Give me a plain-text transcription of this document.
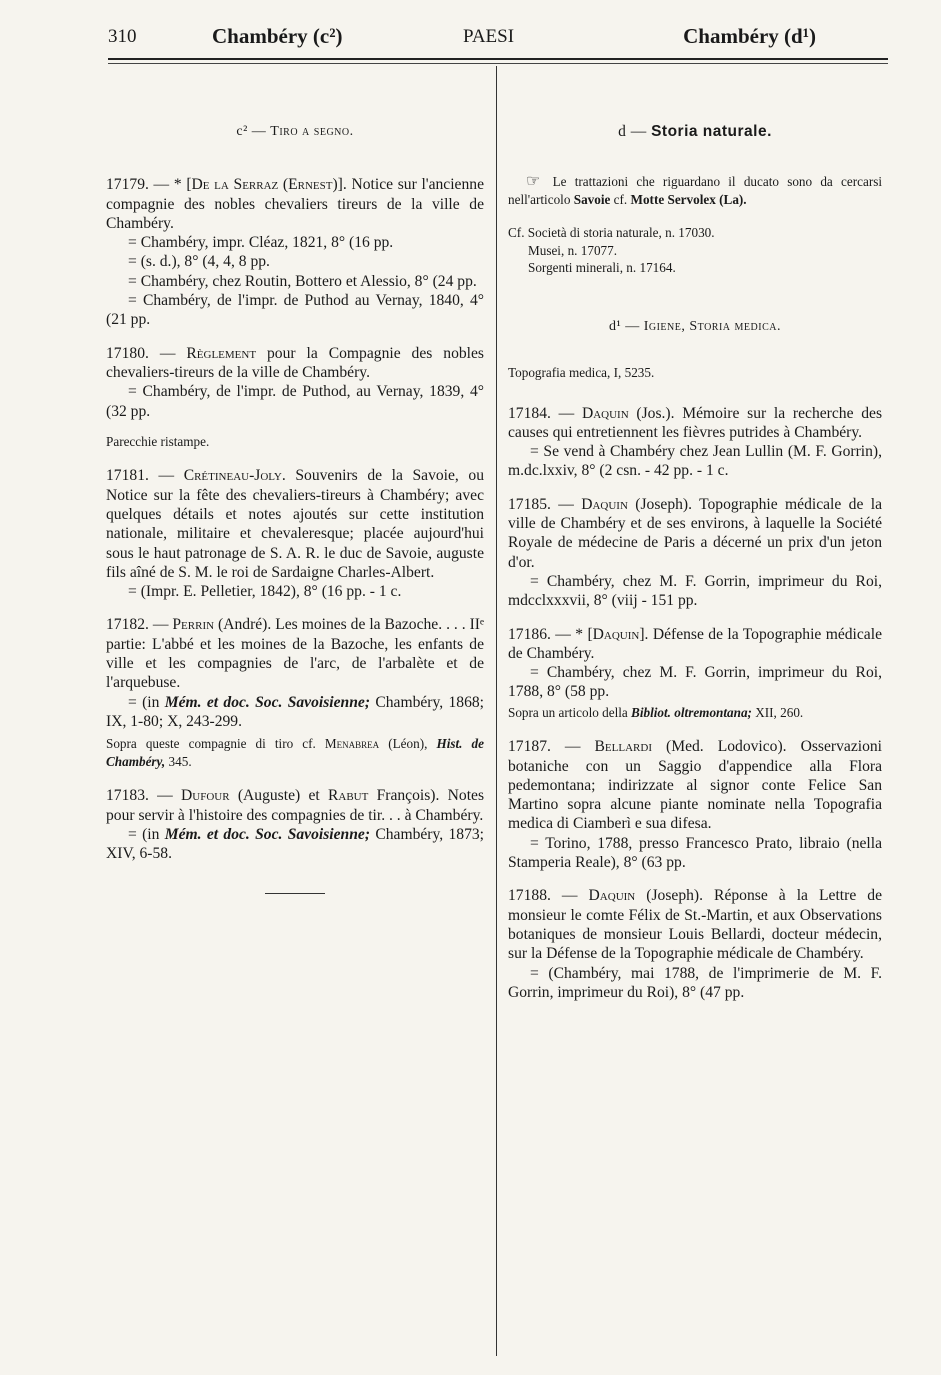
310	Chambéry (c²)	PAESI	Chambéry (d¹)
c² — Tiro a segno.

17179. — * [De la Serraz (Ernest)]. Notice sur l'ancienne compagnie des nobles chevaliers tireurs de la ville de Chambéry.

= Chambéry, impr. Cléaz, 1821, 8° (16 pp.

= (s. d.), 8° (4, 4, 8 pp.

= Chambéry, chez Routin, Bottero et Alessio, 8° (24 pp.

= Chambéry, de l'impr. de Puthod au Vernay, 1840, 4° (21 pp.

17180. — Règlement pour la Compagnie des nobles chevaliers-tireurs de la ville de Chambéry.

= Chambéry, de l'impr. de Puthod, au Vernay, 1839, 4° (32 pp.

Parecchie ristampe.

17181. — Crétineau-Joly. Souvenirs de la Savoie, ou Notice sur la fête des chevaliers-tireurs à Chambéry; avec quelques détails et notes ajoutés sur cette institution nationale, militaire et chevaleresque; placée aujourd'hui sous le haut patronage de S. A. R. le duc de Savoie, auguste fils aîné de S. M. le roi de Sardaigne Charles-Albert.

= (Impr. E. Pelletier, 1842), 8° (16 pp. - 1 c.

17182. — Perrin (André). Les moines de la Bazoche. . . . IIᵉ partie: L'abbé et les moines de la Bazoche, les enfants de ville et les compagnies de l'arc, de l'arbalète et de l'arquebuse.

= (in Mém. et doc. Soc. Savoisienne; Chambéry, 1868; IX, 1-80; X, 243-299.

Sopra queste compagnie di tiro cf. Menabrea (Léon), Hist. de Chambéry, 345.

17183. — Dufour (Auguste) et Rabut François). Notes pour servir à l'histoire des compagnies de tir. . . à Chambéry.

= (in Mém. et doc. Soc. Savoisienne; Chambéry, 1873; XIV, 6-58.

d — Storia naturale.

☞ Le trattazioni che riguardano il ducato sono da cercarsi nell'articolo Savoie cf. Motte Servolex (La).

Cf. Società di storia naturale, n. 17030.
Musei, n. 17077.
Sorgenti minerali, n. 17164.
d¹ — Igiene, Storia medica.

Topografia medica, I, 5235.

17184. — Daquin (Jos.). Mémoire sur la recherche des causes qui entretiennent les fièvres putrides à Chambéry.

= Se vend à Chambéry chez Jean Lullin (M. F. Gorrin), m.dc.lxxiv, 8° (2 csn. - 42 pp. - 1 c.

17185. — Daquin (Joseph). Topographie médicale de la ville de Chambéry et de ses environs, à laquelle la Société Royale de médecine de Paris a décerné un prix d'un jeton d'or.

= Chambéry, chez M. F. Gorrin, imprimeur du Roi, mdcclxxxvii, 8° (viij - 151 pp.

17186. — * [Daquin]. Défense de la Topographie médicale de Chambéry.

= Chambéry, chez M. F. Gorrin, imprimeur du Roi, 1788, 8° (58 pp.

Sopra un articolo della Bibliot. oltremontana; XII, 260.

17187. — Bellardi (Med. Lodovico). Osservazioni botaniche con un Saggio d'appendice alla Flora pedemontana; indirizzate al signor conte Felice San Martino sopra alcune piante nominate nella Topografia medica di Ciamberì e sua difesa.

= Torino, 1788, presso Francesco Prato, libraio (nella Stamperia Reale), 8° (63 pp.

17188. — Daquin (Joseph). Réponse à la Lettre de monsieur le comte Félix de St.-Martin, et aux Observations botaniques de monsieur Louis Bellardi, docteur médecin, sur la Défense de la Topographie médicale de Chambéry.

= (Chambéry, mai 1788, de l'imprimerie de M. F. Gorrin, imprimeur du Roi), 8° (47 pp.
